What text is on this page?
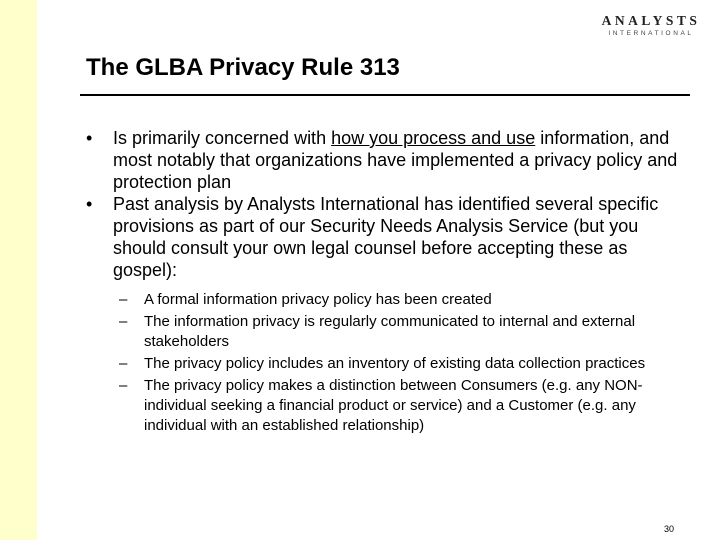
ANALYSTS
INTERNATIONAL
The GLBA Privacy Rule 313
• Is primarily concerned with how you process and use information, and most notably that organizations have implemented a privacy policy and protection plan
• Past analysis by Analysts International has identified several specific provisions as part of our Security Needs Analysis Service (but you should consult your own legal counsel before accepting these as gospel):
– A formal information privacy policy has been created
– The information privacy is regularly communicated to internal and external stakeholders
– The privacy policy includes an inventory of existing data collection practices
– The privacy policy makes a distinction between Consumers (e.g. any NON-individual seeking a financial product or service) and a Customer (e.g. any individual with an established relationship)
30
